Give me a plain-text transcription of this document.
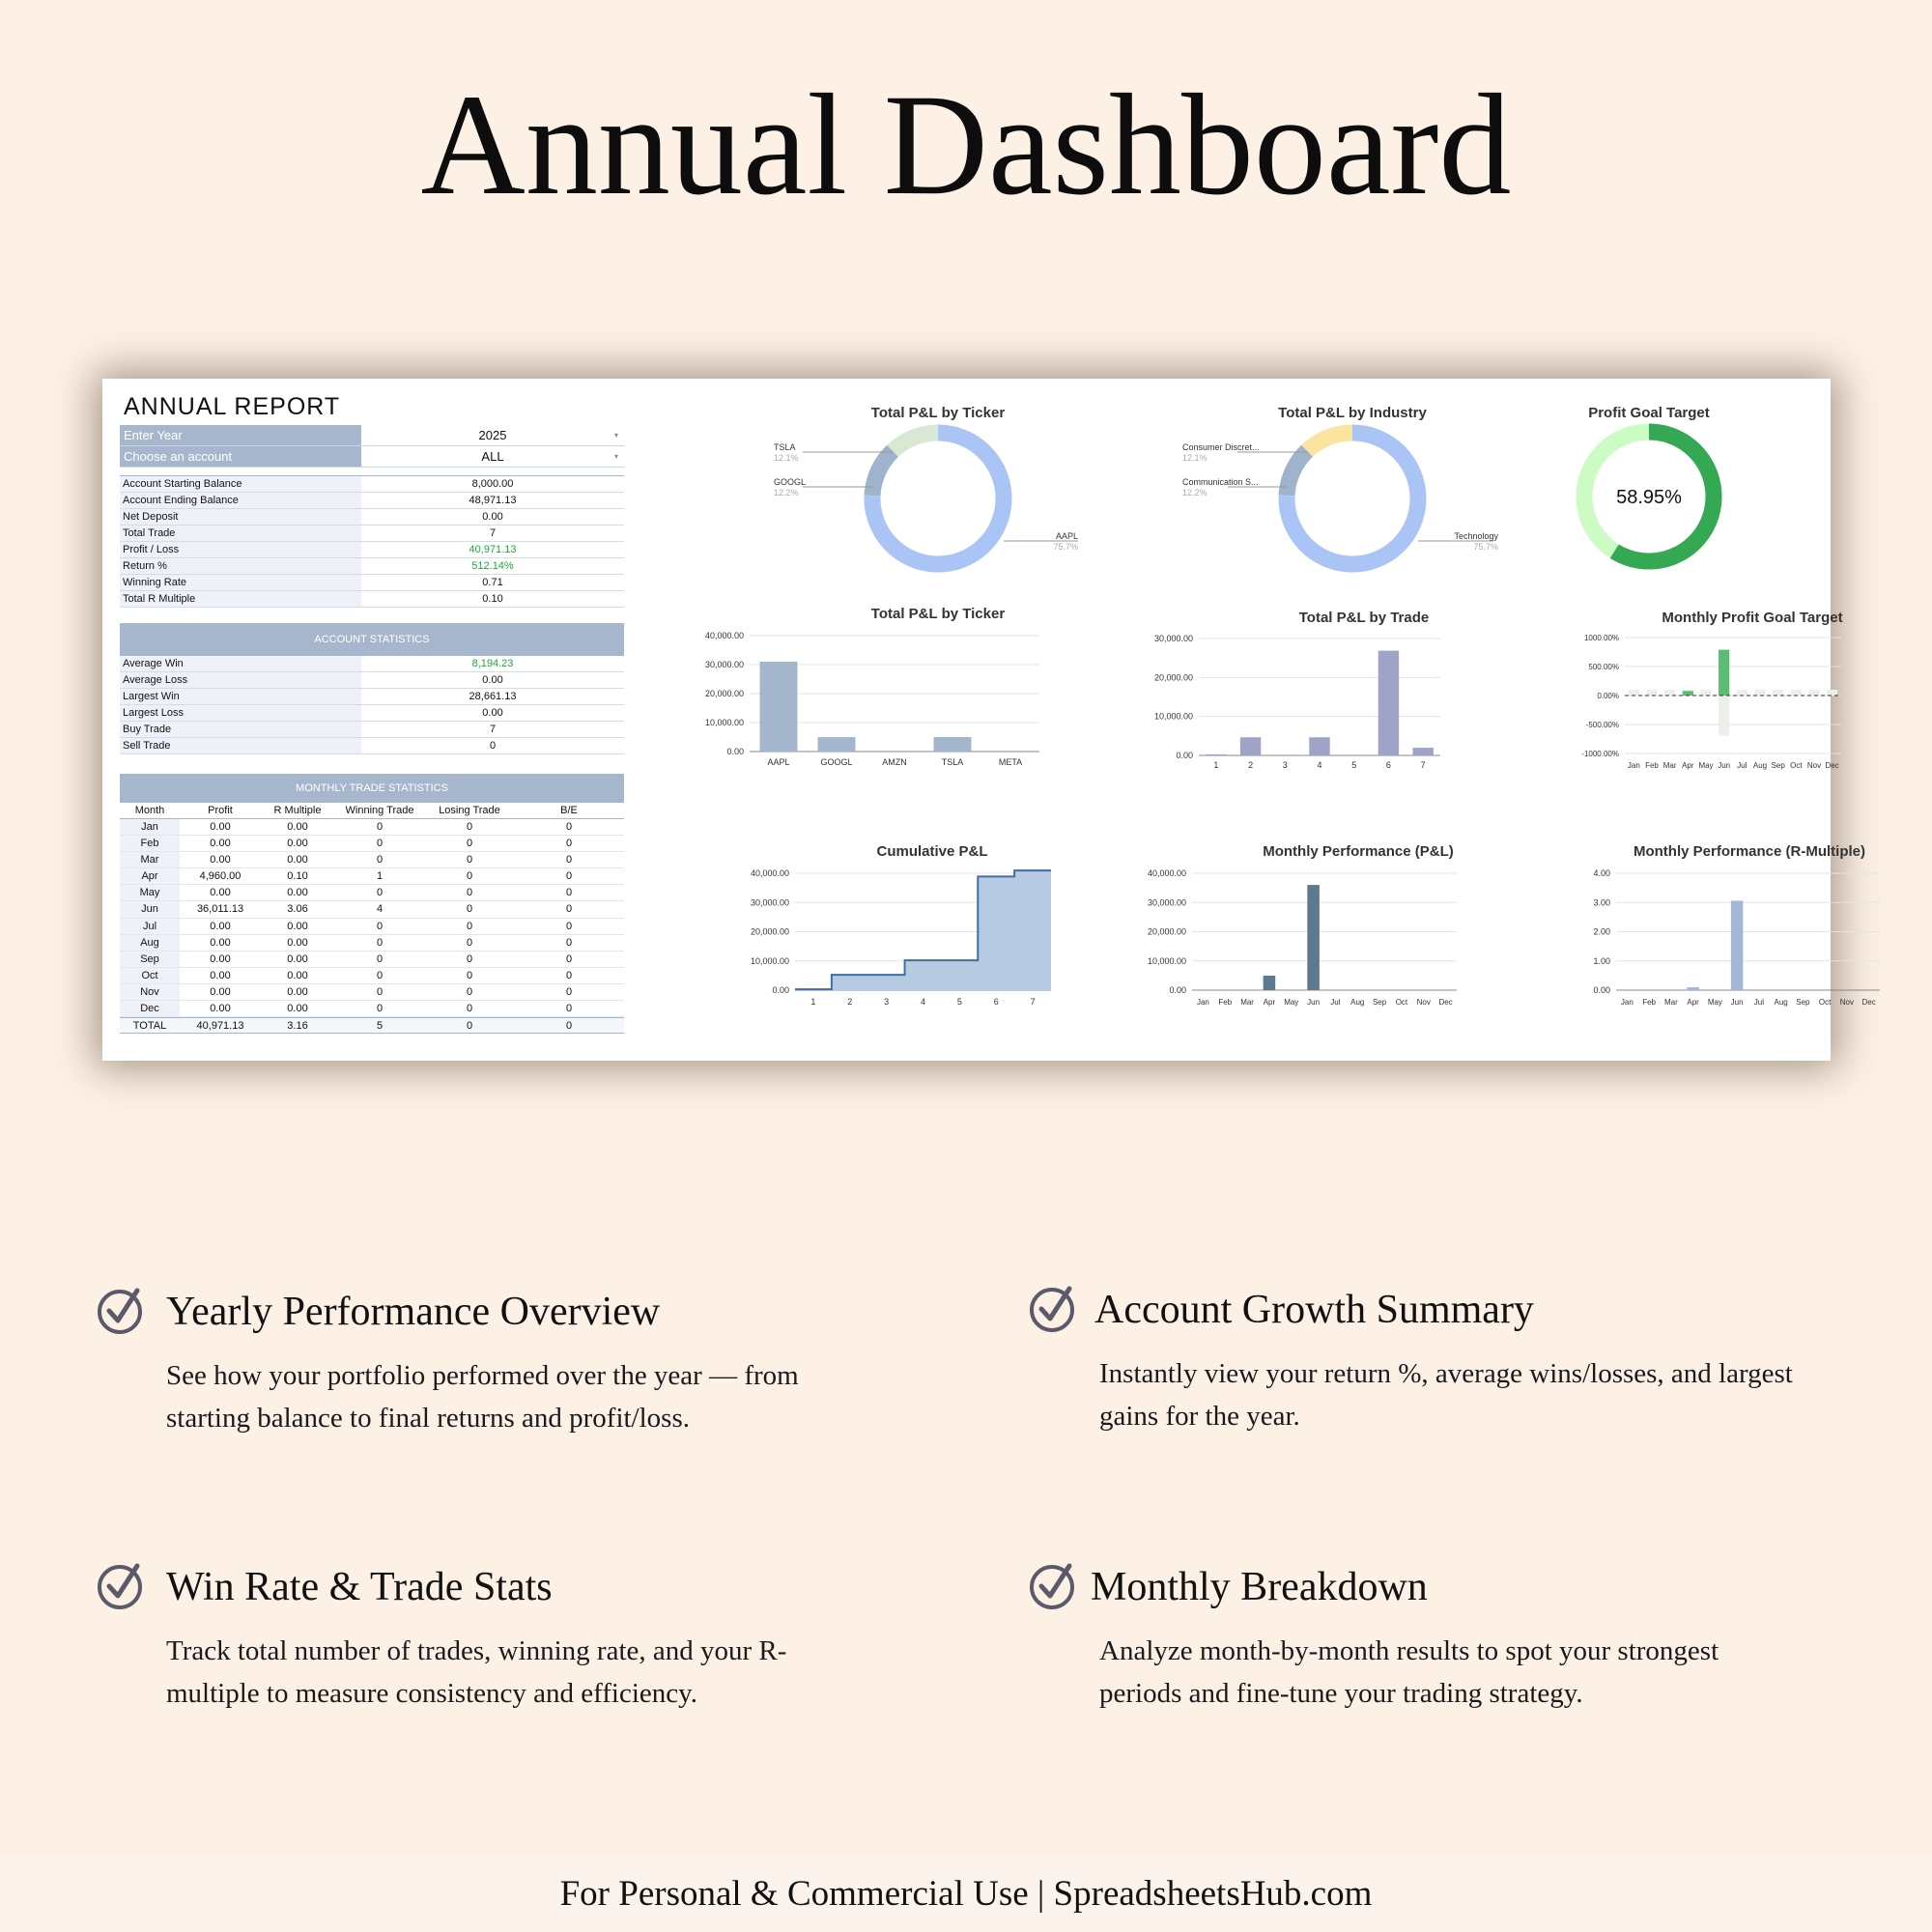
Annual Dashboard
ANNUAL REPORT
Enter Year	2025	▾
Choose an account	ALL	▾
Account Starting Balance	8,000.00
Account Ending Balance	48,971.13
Net Deposit	0.00
Total Trade	7
Profit / Loss	40,971.13
Return %	512.14%
Winning Rate	0.71
Total R Multiple	0.10
ACCOUNT STATISTICS
Average Win	8,194.23
Average Loss	0.00
Largest Win	28,661.13
Largest Loss	0.00
Buy Trade	7
Sell Trade	0
MONTHLY TRADE STATISTICS
Month	Profit	R Multiple	Winning Trade	Losing Trade	B/E
Jan	0.00	0.00	0	0	0
Feb	0.00	0.00	0	0	0
Mar	0.00	0.00	0	0	0
Apr	4,960.00	0.10	1	0	0
May	0.00	0.00	0	0	0
Jun	36,011.13	3.06	4	0	0
Jul	0.00	0.00	0	0	0
Aug	0.00	0.00	0	0	0
Sep	0.00	0.00	0	0	0
Oct	0.00	0.00	0	0	0
Nov	0.00	0.00	0	0	0
Dec	0.00	0.00	0	0	0
TOTAL	40,971.13	3.16	5	0	0
Total P&L by Ticker
AAPL
75.7%
GOOGL
12.2%
TSLA
12.1%
Total P&L by Industry
Technology
75.7%
Communication S...
12.2%
Consumer Discret...
12.1%
Profit Goal Target
58.95%
Total P&L by Ticker
0.00
10,000.00
20,000.00
30,000.00
40,000.00
AAPL	GOOGL	AMZN	TSLA	META
Total P&L by Trade
0.00
10,000.00
20,000.00
30,000.00
1	2	3	4	5	6	7
Monthly Profit Goal Target
-1000.00%
-500.00%
0.00%
500.00%
1000.00%
Jan Feb Mar Apr May Jun Jul Aug Sep Oct Nov Dec
Cumulative P&L
0.00
10,000.00
20,000.00
30,000.00
40,000.00
1	2	3	4	5	6	7
Monthly Performance (P&L)
0.00
10,000.00
20,000.00
30,000.00
40,000.00
Jan Feb Mar Apr May Jun Jul Aug Sep Oct Nov Dec
Monthly Performance (R-Multiple)
0.00
1.00
2.00
3.00
4.00
Jan Feb Mar Apr May Jun Jul Aug Sep Oct Nov Dec
Yearly Performance Overview

See how your portfolio performed over the year — from starting balance to final returns and profit/loss.

Account Growth Summary

Instantly view your return %, average wins/losses, and largest gains for the year.

Win Rate & Trade Stats

Track total number of trades, winning rate, and your R-multiple to measure consistency and efficiency.

Monthly Breakdown

Analyze month-by-month results to spot your strongest periods and fine-tune your trading strategy.

For Personal & Commercial Use | SpreadsheetsHub.com
